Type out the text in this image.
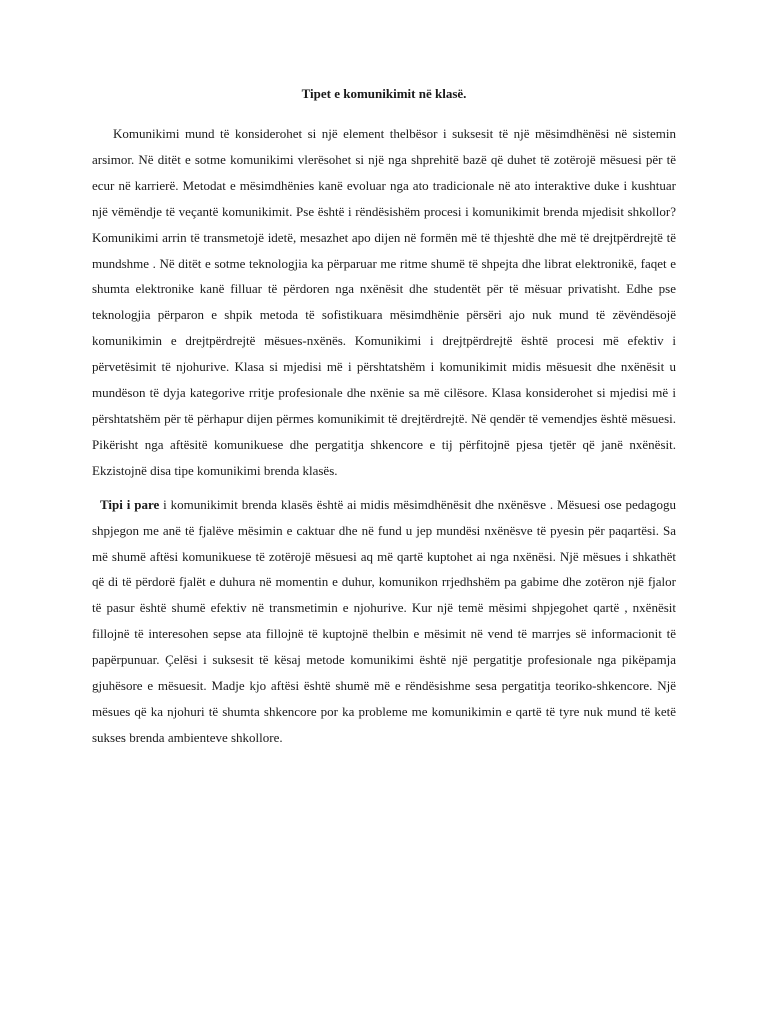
Tipet e komunikimit në klasë.

Komunikimi mund të konsiderohet si një element thelbësor i suksesit të një mësimdhënësi në sistemin arsimor. Në ditët e sotme komunikimi vlerësohet si një nga shprehitë bazë që duhet të zotërojë mësuesi për të ecur në karrierë. Metodat e mësimdhënies kanë evoluar nga ato tradicionale në ato interaktive duke i kushtuar një vëmëndje të veçantë komunikimit. Pse është i rëndësishëm procesi i komunikimit brenda mjedisit shkollor? Komunikimi arrin të transmetojë idetë, mesazhet apo dijen në formën më të thjeshtë dhe më të drejtpërdrejtë të mundshme . Në ditët e sotme teknologjia ka përparuar me ritme shumë të shpejta dhe librat elektronikë, faqet e shumta elektronike kanë filluar të përdoren nga nxënësit dhe studentët për të mësuar privatisht. Edhe pse teknologjia përparon e shpik metoda të sofistikuara mësimdhënie përsëri ajo nuk mund të zëvëndësojë komunikimin e drejtpërdrejtë mësues-nxënës. Komunikimi i drejtpërdrejtë është procesi më efektiv i përvetësimit të njohurive. Klasa si mjedisi më i përshtatshëm i komunikimit midis mësuesit dhe nxënësit u mundëson të dyja kategorive rritje profesionale dhe nxënie sa më cilësore. Klasa konsiderohet si mjedisi më i përshtatshëm për të përhapur dijen përmes komunikimit të drejtërdrejtë. Në qendër të vemendjes është mësuesi. Pikërisht nga aftësitë komunikuese dhe pergatitja shkencore e tij përfitojnë pjesa tjetër që janë nxënësit. Ekzistojnë disa tipe komunikimi brenda klasës.

Tipi i pare i komunikimit brenda klasës është ai midis mësimdhënësit dhe nxënësve . Mësuesi ose pedagogu shpjegon me anë të fjalëve mësimin e caktuar dhe në fund u jep mundësi nxënësve të pyesin për paqartësi. Sa më shumë aftësi komunikuese të zotërojë mësuesi aq më qartë kuptohet ai nga nxënësi. Një mësues i shkathët që di të përdorë fjalët e duhura në momentin e duhur, komunikon rrjedhshëm pa gabime dhe zotëron një fjalor të pasur është shumë efektiv në transmetimin e njohurive. Kur një temë mësimi shpjegohet qartë , nxënësit fillojnë të interesohen sepse ata fillojnë të kuptojnë thelbin e mësimit në vend të marrjes së informacionit të papërpunuar. Çelësi i suksesit të kësaj metode komunikimi është një pergatitje profesionale nga pikëpamja gjuhësore e mësuesit. Madje kjo aftësi është shumë më e rëndësishme sesa pergatitja teoriko-shkencore. Një mësues që ka njohuri të shumta shkencore por ka probleme me komunikimin e qartë të tyre nuk mund të ketë sukses brenda ambienteve shkollore.
